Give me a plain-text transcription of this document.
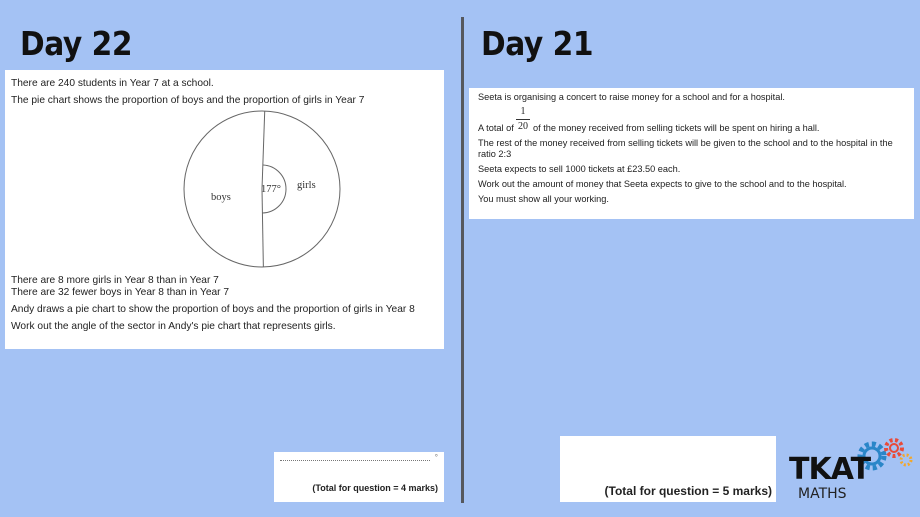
Day 22	Day 21
There are 240 students in Year 7 at a school.
The pie chart shows the proportion of boys and the proportion of girls in Year 7
boys
girls
177°
There are 8 more girls in Year 8 than in Year 7
There are 32 fewer boys in Year 8 than in Year 7
Andy draws a pie chart to show the proportion of boys and the proportion of girls in Year 8
Work out the angle of the sector in Andy's pie chart that represents girls.
Seeta is organising a concert to raise money for a school and for a hospital.
1
20
A total of of the money received from selling tickets will be spent on hiring a hall.
The rest of the money received from selling tickets will be given to the school and to the hospital in the ratio 2:3
Seeta expects to sell 1000 tickets at £23.50 each.
Work out the amount of money that Seeta expects to give to the school and to the hospital.
You must show all your working.
°
(Total for question = 4 marks)	(Total for question = 5 marks)
TKAT
MATHS
